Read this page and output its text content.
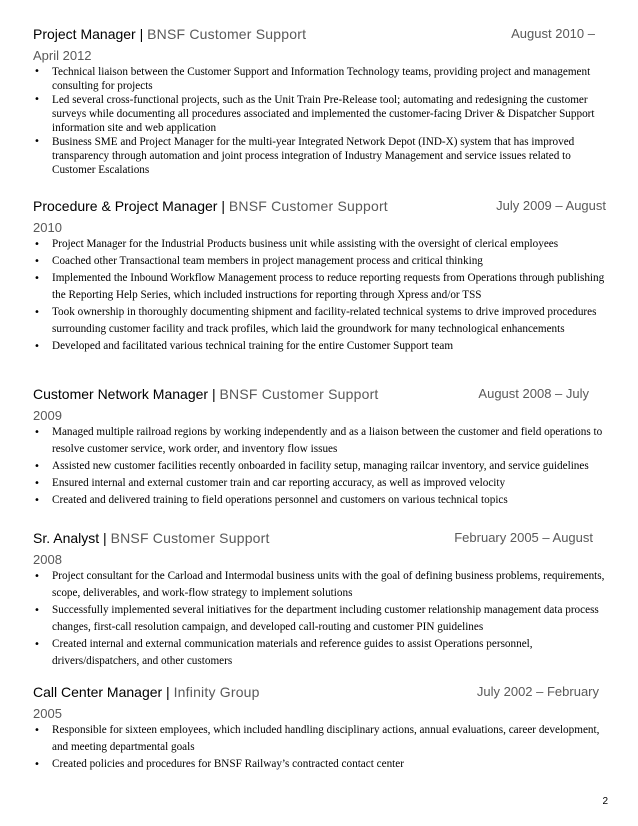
Project Manager | BNSF Customer Support	August 2010 –
April 2012
• Technical liaison between the Customer Support and Information Technology teams, providing project and management consulting for projects
• Led several cross-functional projects, such as the Unit Train Pre-Release tool; automating and redesigning the customer surveys while documenting all procedures associated and implemented the customer-facing Driver & Dispatcher Support information site and web application
• Business SME and Project Manager for the multi-year Integrated Network Depot (IND-X) system that has improved transparency through automation and joint process integration of Industry Management and service issues related to Customer Escalations
Procedure & Project Manager | BNSF Customer Support	July 2009 – August
2010
• Project Manager for the Industrial Products business unit while assisting with the oversight of clerical employees
• Coached other Transactional team members in project management process and critical thinking
• Implemented the Inbound Workflow Management process to reduce reporting requests from Operations through publishing the Reporting Help Series, which included instructions for reporting through Xpress and/or TSS
• Took ownership in thoroughly documenting shipment and facility-related technical systems to drive improved procedures surrounding customer facility and track profiles, which laid the groundwork for many technological enhancements
• Developed and facilitated various technical training for the entire Customer Support team
Customer Network Manager | BNSF Customer Support	August 2008 – July
2009
• Managed multiple railroad regions by working independently and as a liaison between the customer and field operations to resolve customer service, work order, and inventory flow issues
• Assisted new customer facilities recently onboarded in facility setup, managing railcar inventory, and service guidelines
• Ensured internal and external customer train and car reporting accuracy, as well as improved velocity
• Created and delivered training to field operations personnel and customers on various technical topics
Sr. Analyst | BNSF Customer Support	February 2005 – August
2008
• Project consultant for the Carload and Intermodal business units with the goal of defining business problems, requirements, scope, deliverables, and work-flow strategy to implement solutions
• Successfully implemented several initiatives for the department including customer relationship management data process changes, first-call resolution campaign, and developed call-routing and customer PIN guidelines
• Created internal and external communication materials and reference guides to assist Operations personnel, drivers/dispatchers, and other customers
Call Center Manager | Infinity Group	July 2002 – February
2005
• Responsible for sixteen employees, which included handling disciplinary actions, annual evaluations, career development, and meeting departmental goals
• Created policies and procedures for BNSF Railway’s contracted contact center
2
